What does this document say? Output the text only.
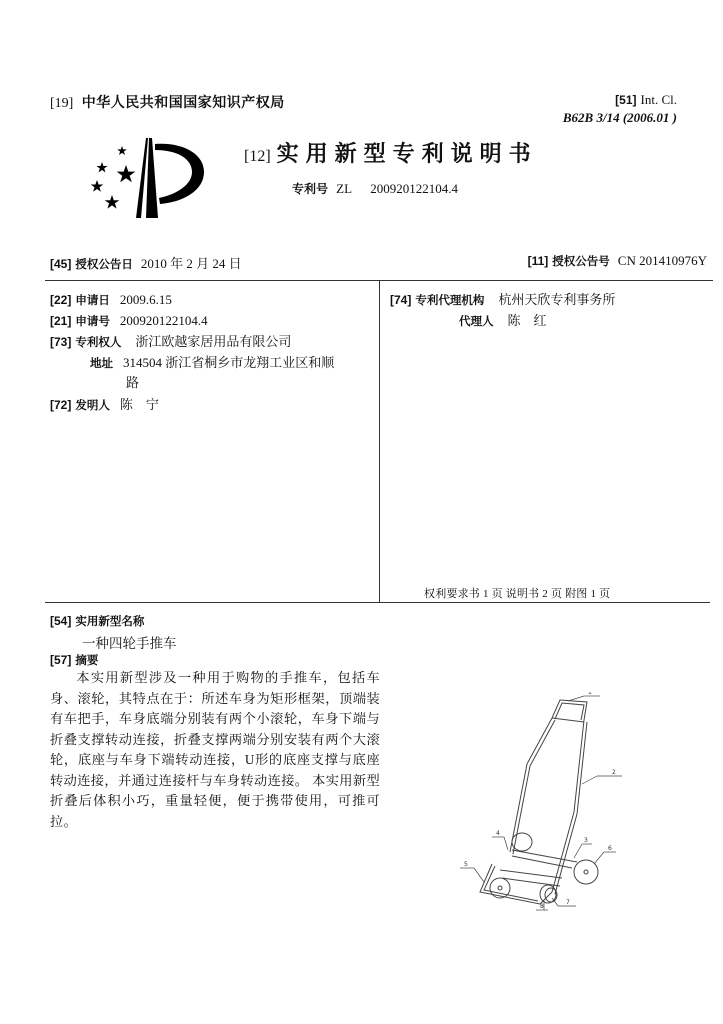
[19] 中华人民共和国国家知识产权局	[51] Int. Cl.
B62B 3/14 (2006.01 )
[12] 实用新型专利说明书
专利号 ZL 200920122104.4
[45] 授权公告日 2010 年 2 月 24 日	[11] 授权公告号 CN 201410976Y
[22] 申请日 2009.6.15
[21] 申请号 200920122104.4
[73] 专利权人 浙江欧越家居用品有限公司
地址 314504 浙江省桐乡市龙翔工业区和顺
路
[72] 发明人 陈　宁
[74] 专利代理机构 杭州天欣专利事务所
代理人 陈　红
权利要求书 1 页 说明书 2 页 附图 1 页
[54] 实用新型名称
一种四轮手推车
[57] 摘要
本实用新型涉及一种用于购物的手推车，包括车身、滚轮，其特点在于：所述车身为矩形框架，顶端装有车把手，车身底端分别装有两个小滚轮，车身下端与折叠支撑转动连接，折叠支撑两端分别安装有两个大滚轮，底座与车身下端转动连接，U形的底座支撑与底座转动连接，并通过连接杆与车身转动连接。 本实用新型折叠后体积小巧，重量轻便，便于携带使用，可推可拉。
1
2
3
4
5
6
7
8
